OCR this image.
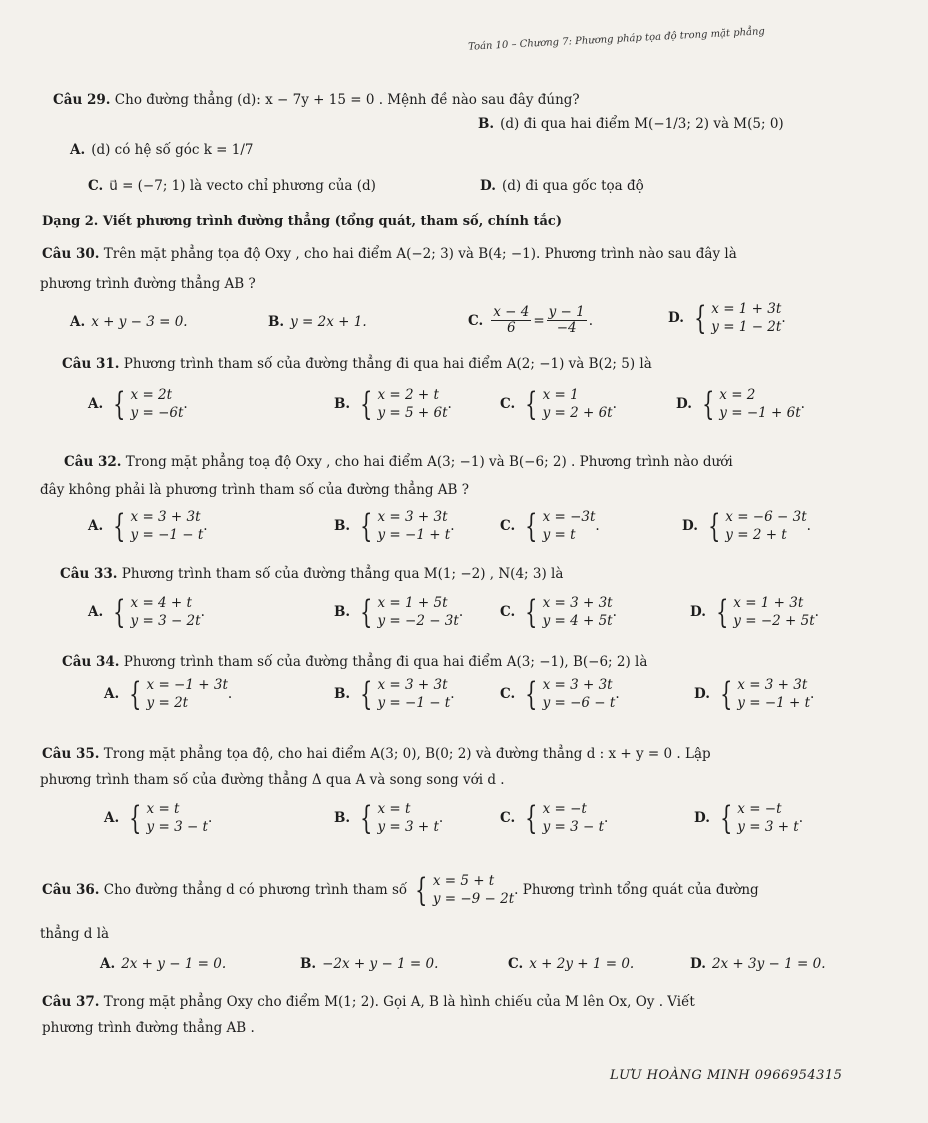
Toán 10 – Chương 7: Phương pháp tọa độ trong mặt phẳng
Câu 29. Cho đường thẳng (d): x − 7y + 15 = 0 . Mệnh đề nào sau đây đúng?
A. (d) có hệ số góc k = 1/7
B. (d) đi qua hai điểm M(−1/3; 2) và M(5; 0)
C. u⃗ = (−7; 1) là vecto chỉ phương của (d)	D. (d) đi qua gốc tọa độ
Dạng 2. Viết phương trình đường thẳng (tổng quát, tham số, chính tắc)
Câu 30. Trên mặt phẳng tọa độ Oxy , cho hai điểm A(−2; 3) và B(4; −1). Phương trình nào sau đây là
phương trình đường thẳng AB ?
A. x + y − 3 = 0.	B. y = 2x + 1.	C. $\frac{x - 4}{6} = \frac{y - 1}{-4}$ .	D. { x = 1 + 3t
y = 1 − 2t
.
Câu 31. Phương trình tham số của đường thẳng đi qua hai điểm A(2; −1) và B(2; 5) là
A. { x = 2t
y = −6t
.	B. { x = 2 + t
y = 5 + 6t
.	C. { x = 1
y = 2 + 6t
.	D. { x = 2
y = −1 + 6t
.
Câu 32. Trong mặt phẳng toạ độ Oxy , cho hai điểm A(3; −1) và B(−6; 2) . Phương trình nào dưới
đây không phải là phương trình tham số của đường thẳng AB ?
A. { x = 3 + 3t
y = −1 − t
.	B. { x = 3 + 3t
y = −1 + t
.	C. { x = −3t
y = t
.	D. { x = −6 − 3t
y = 2 + t
.
Câu 33. Phương trình tham số của đường thẳng qua M(1; −2) , N(4; 3) là
A. { x = 4 + t
y = 3 − 2t
.	B. { x = 1 + 5t
y = −2 − 3t
.	C. { x = 3 + 3t
y = 4 + 5t
.	D. { x = 1 + 3t
y = −2 + 5t
.
Câu 34. Phương trình tham số của đường thẳng đi qua hai điểm A(3; −1), B(−6; 2) là
A. { x = −1 + 3t
y = 2t
.	B. { x = 3 + 3t
y = −1 − t
.	C. { x = 3 + 3t
y = −6 − t
.	D. { x = 3 + 3t
y = −1 + t
.
Câu 35. Trong mặt phẳng tọa độ, cho hai điểm A(3; 0), B(0; 2) và đường thẳng d : x + y = 0 . Lập
phương trình tham số của đường thẳng Δ qua A và song song với d .
A. { x = t
y = 3 − t
.	B. { x = t
y = 3 + t
.	C. { x = −t
y = 3 − t
.	D. { x = −t
y = 3 + t
.
Câu 36.
Cho đường thẳng d có phương trình tham số
{ x = 5 + t
y = −9 − 2t
. Phương trình tổng quát của đường
thẳng d là
A. 2x + y − 1 = 0.	B. −2x + y − 1 = 0.	C. x + 2y + 1 = 0.	D. 2x + 3y − 1 = 0.
Câu 37. Trong mặt phẳng Oxy cho điểm M(1; 2). Gọi A, B là hình chiếu của M lên Ox, Oy . Viết
phương trình đường thẳng AB .
LƯU HOÀNG MINH 0966954315
